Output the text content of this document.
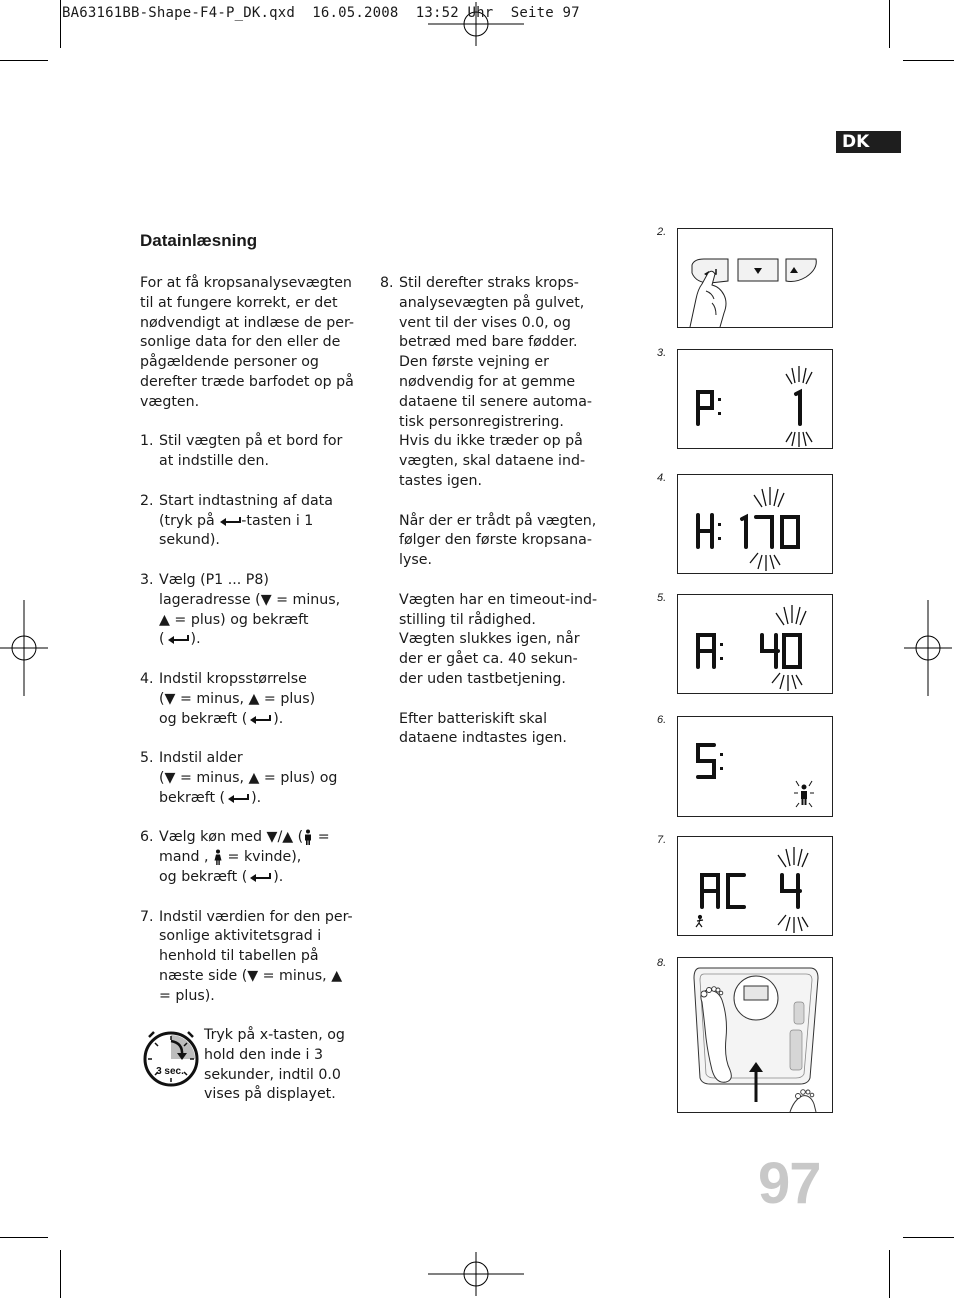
BA63161BB-Shape-F4-P_DK.qxd  16.05.2008  13:52 Uhr  Seite 97
DK
Datainlæsning

For at få kropsanalysevægten

til at fungere korrekt, er det

nødvendigt at indlæse de per-

sonlige data for den eller de

pågældende personer og

derefter træde barfodet op på

vægten.

1. Stil vægten på et bord for

at indstille den.

2. Start indtastning af data

(tryk på -tasten i 1

sekund).

3. Vælg (P1 ... P8)

lageradresse (▼ = minus,

▲ = plus) og bekræft

( ).

4. Indstil kropsstørrelse

(▼ = minus, ▲ = plus)

og bekræft ( ).

5. Indstil alder

(▼ = minus, ▲ = plus) og

bekræft ( ).

6. Vælg køn med ▼/▲ ( =

mand ,  = kvinde),

og bekræft ( ).

7. Indstil værdien for den per-

sonlige aktivitetsgrad i

henhold til tabellen på

næste side (▼ = minus, ▲

= plus).

3 sec.

Tryk på x-tasten, og

hold den inde i 3

sekunder, indtil 0.0

vises på displayet.

8. Stil derefter straks krops-

analysevægten på gulvet,

vent til der vises 0.0, og

betræd med bare fødder.

Den første vejning er

nødvendig for at gemme

dataene til senere automa-

tisk personregistrering.

Hvis du ikke træder op på

vægten, skal dataene ind-

tastes igen.

Når der er trådt på vægten,

følger den første kropsana-

lyse.

Vægten har en timeout-ind-

stilling til rådighed.

Vægten slukkes igen, når

der er gået ca. 40 sekun-

der uden tastbetjening.

Efter batteriskift skal

dataene indtastes igen.

2.
3.
4.
5.
6.
7.
8.
97
